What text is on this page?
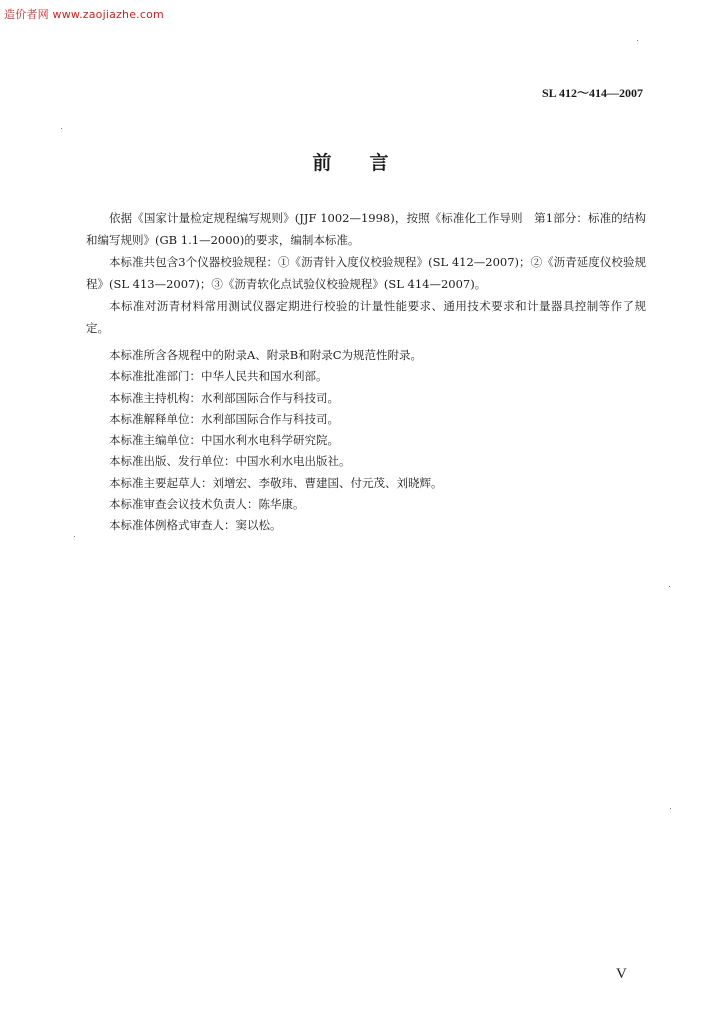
造价者网 www.zaojiazhe.com
SL 412～414—2007
前 言

依据《国家计量检定规程编写规则》(JJF 1002—1998)，按照《标准化工作导则　第1部分：标准的结构和编写规则》(GB 1.1—2000)的要求，编制本标准。

本标准共包含3个仪器校验规程：①《沥青针入度仪校验规程》(SL 412—2007)；②《沥青延度仪校验规程》(SL 413—2007)；③《沥青软化点试验仪校验规程》(SL 414—2007)。

本标准对沥青材料常用测试仪器定期进行校验的计量性能要求、通用技术要求和计量器具控制等作了规定。

本标准所含各规程中的附录A、附录B和附录C为规范性附录。

本标准批准部门：中华人民共和国水利部。

本标准主持机构：水利部国际合作与科技司。

本标准解释单位：水利部国际合作与科技司。

本标准主编单位：中国水利水电科学研究院。

本标准出版、发行单位：中国水利水电出版社。

本标准主要起草人：刘增宏、李敬玮、曹建国、付元茂、刘晓辉。

本标准审查会议技术负责人：陈华康。

本标准体例格式审查人：窦以松。

V
